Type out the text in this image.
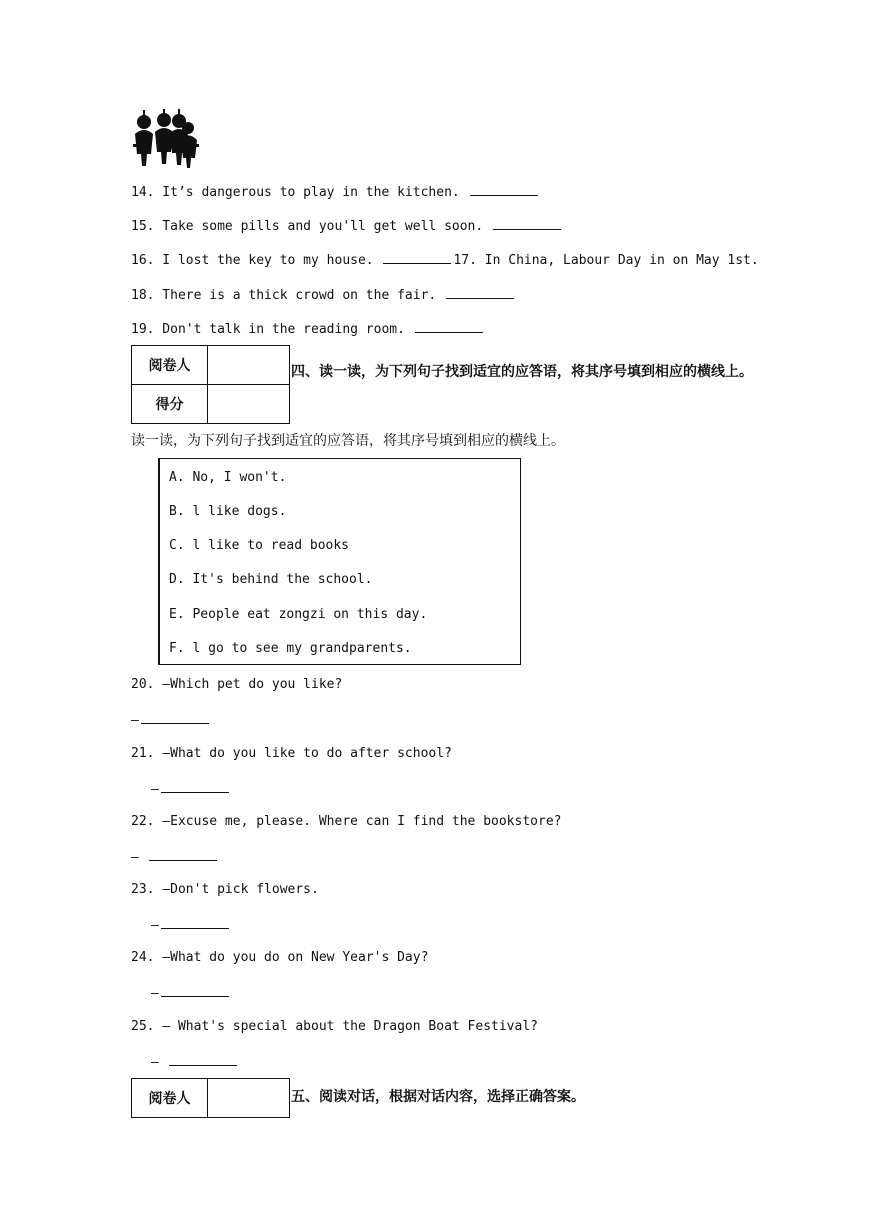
14. It’s dangerous to play in the kitchen.
15. Take some pills and you'll get well soon.
16. I lost the key to my house.	17. In China, Labour Day in on May 1st.
18. There is a thick crowd on the fair.
19. Don't talk in the reading room.
阅卷人	
得分	
四、读一读，为下列句子找到适宜的应答语，将其序号填到相应的横线上。
读一读，为下列句子找到适宜的应答语，将其序号填到相应的横线上。
A. No, I won't.
B. l like dogs.
C. l like to read books
D. It's behind the school.
E. People eat zongzi on this day.
F. l go to see my grandparents.
20. —Which pet do you like?
—
21. —What do you like to do after school?
—
22. —Excuse me, please. Where can I find the bookstore?
—
23. —Don't pick flowers.
—
24. —What do you do on New Year's Day?
—
25. — What's special about the Dragon Boat Festival?
—
阅卷人		五、阅读对话，根据对话内容，选择正确答案。
